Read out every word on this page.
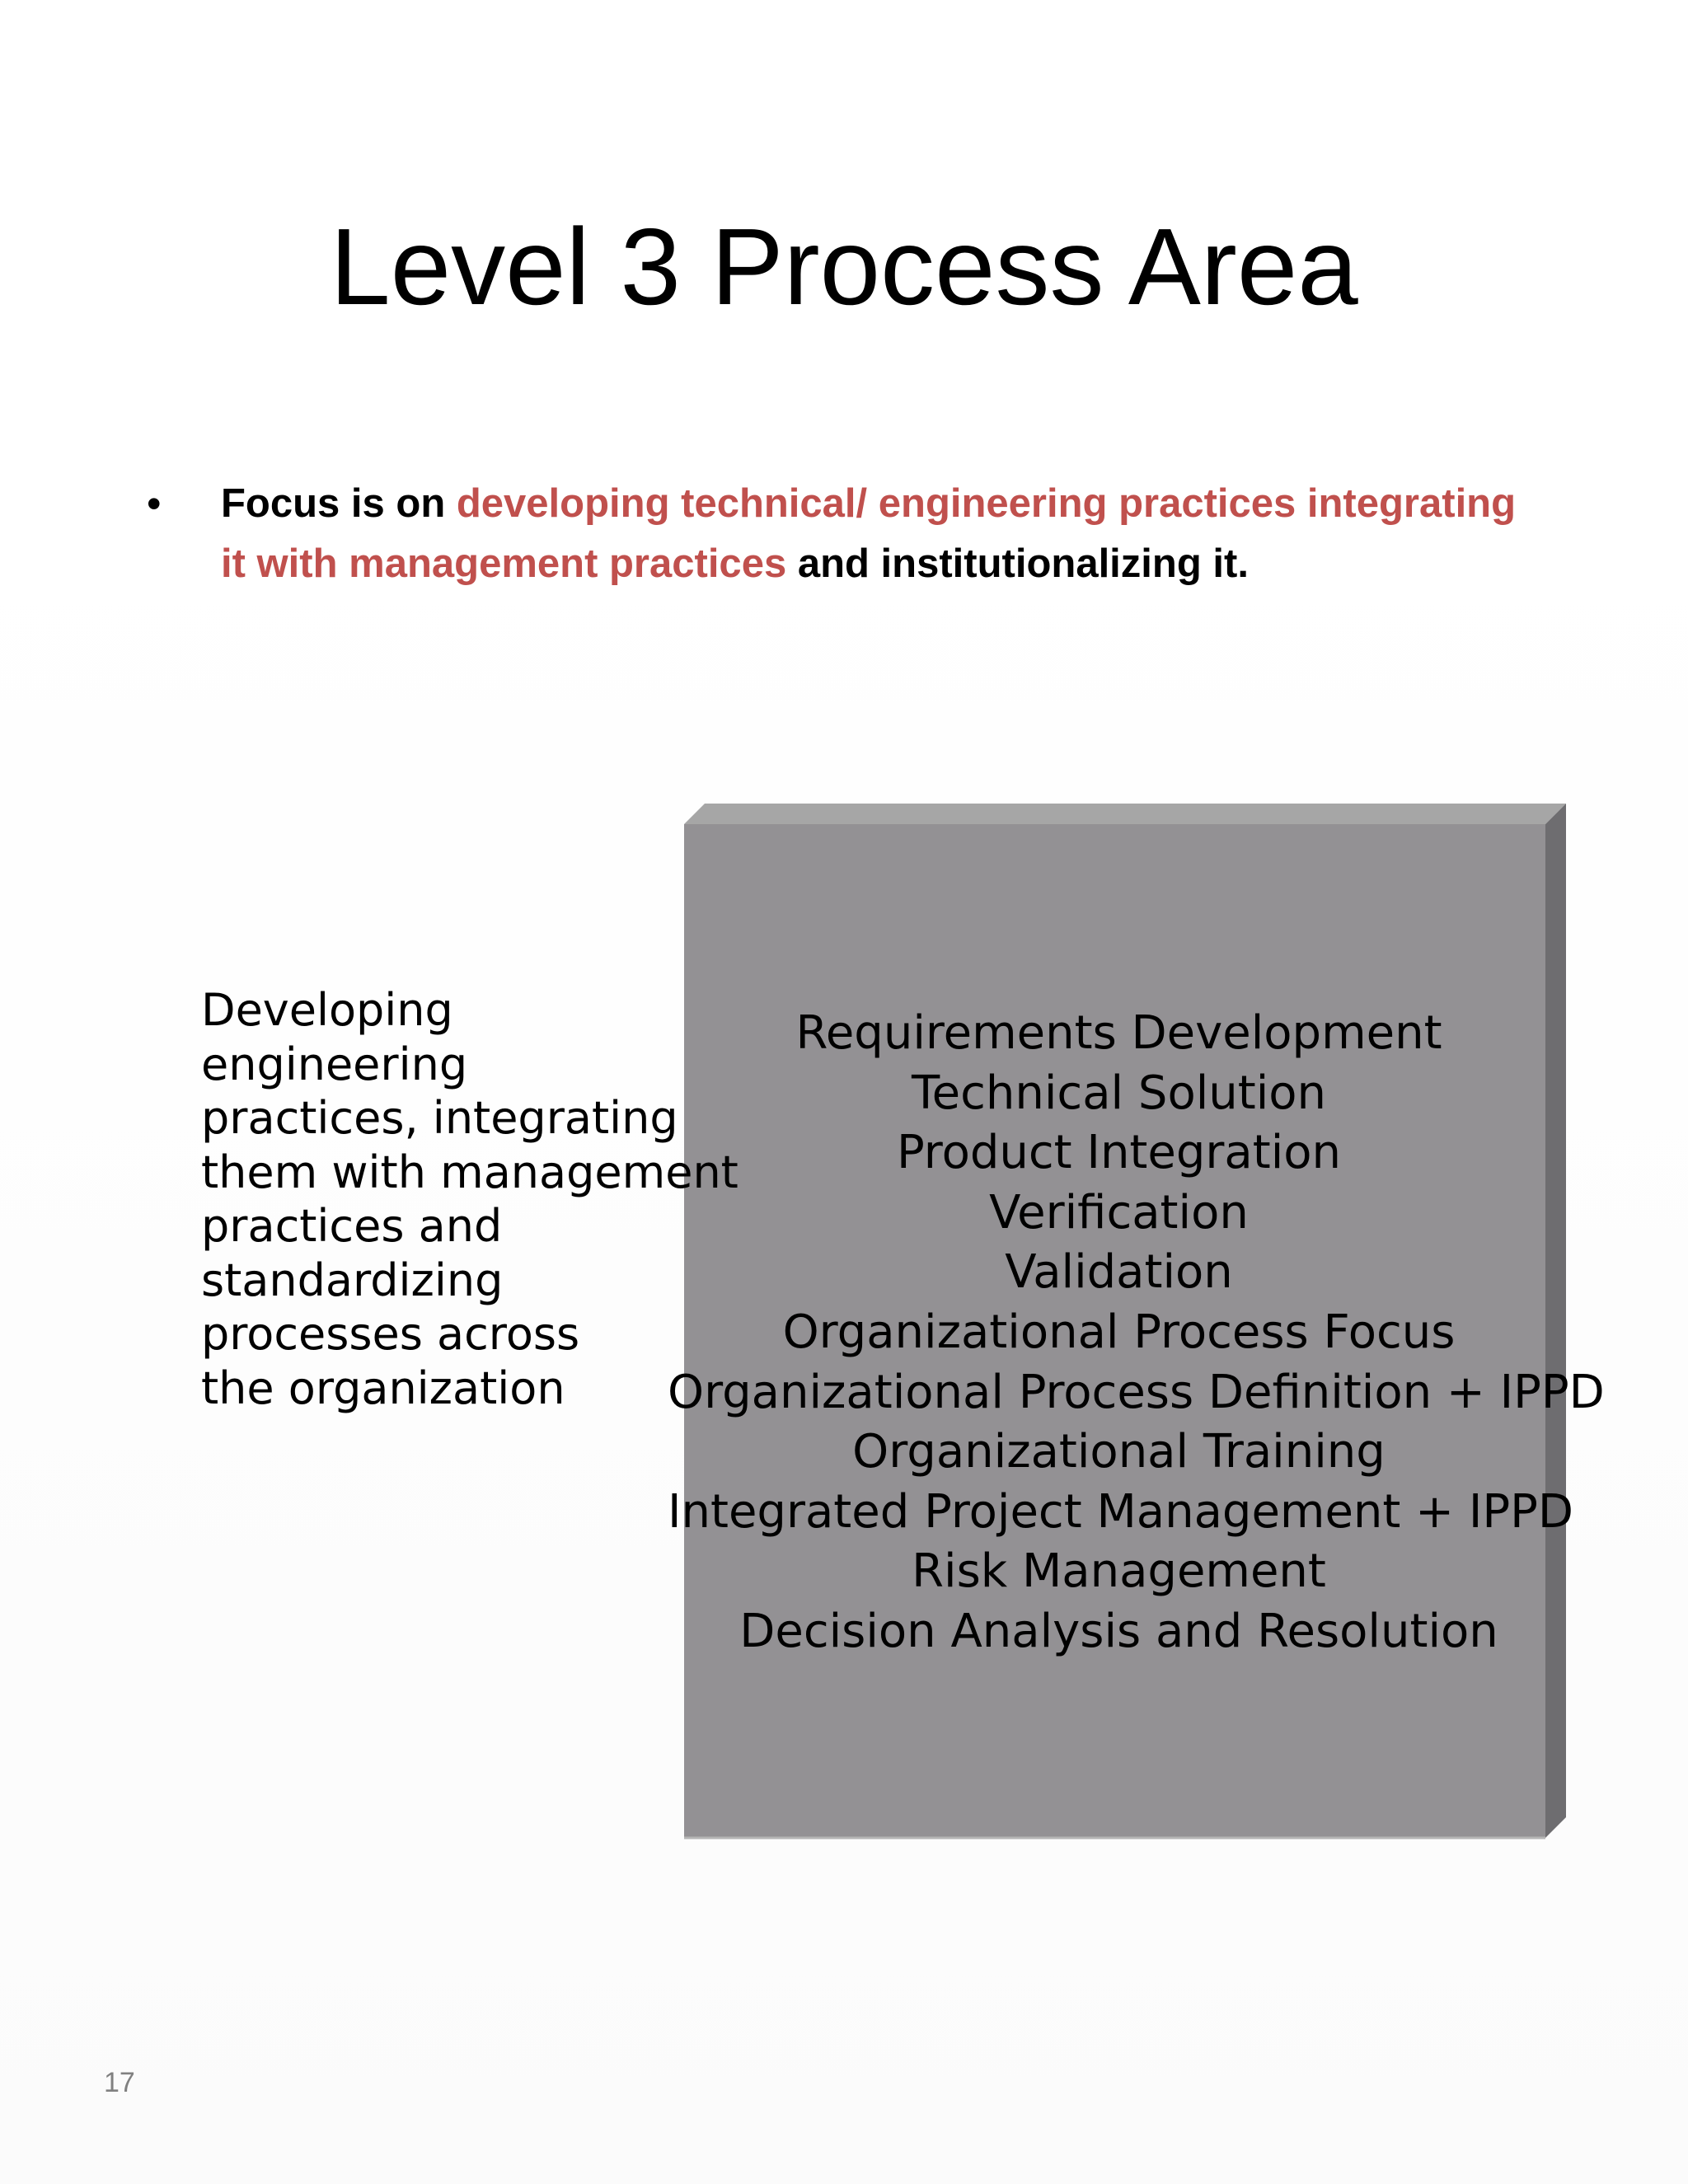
Level 3 Process Area
• Focus is on developing technical/ engineering practices integrating it with management practices and institutionalizing it.
Developing
engineering
practices, integrating
them with management
practices and
standardizing
processes across
the organization
Requirements Development
Technical Solution
Product Integration
Verification
Validation
Organizational Process Focus
Organizational Process Definition + IPPD
Organizational Training
Integrated Project Management + IPPD
Risk Management
Decision Analysis and Resolution
17
